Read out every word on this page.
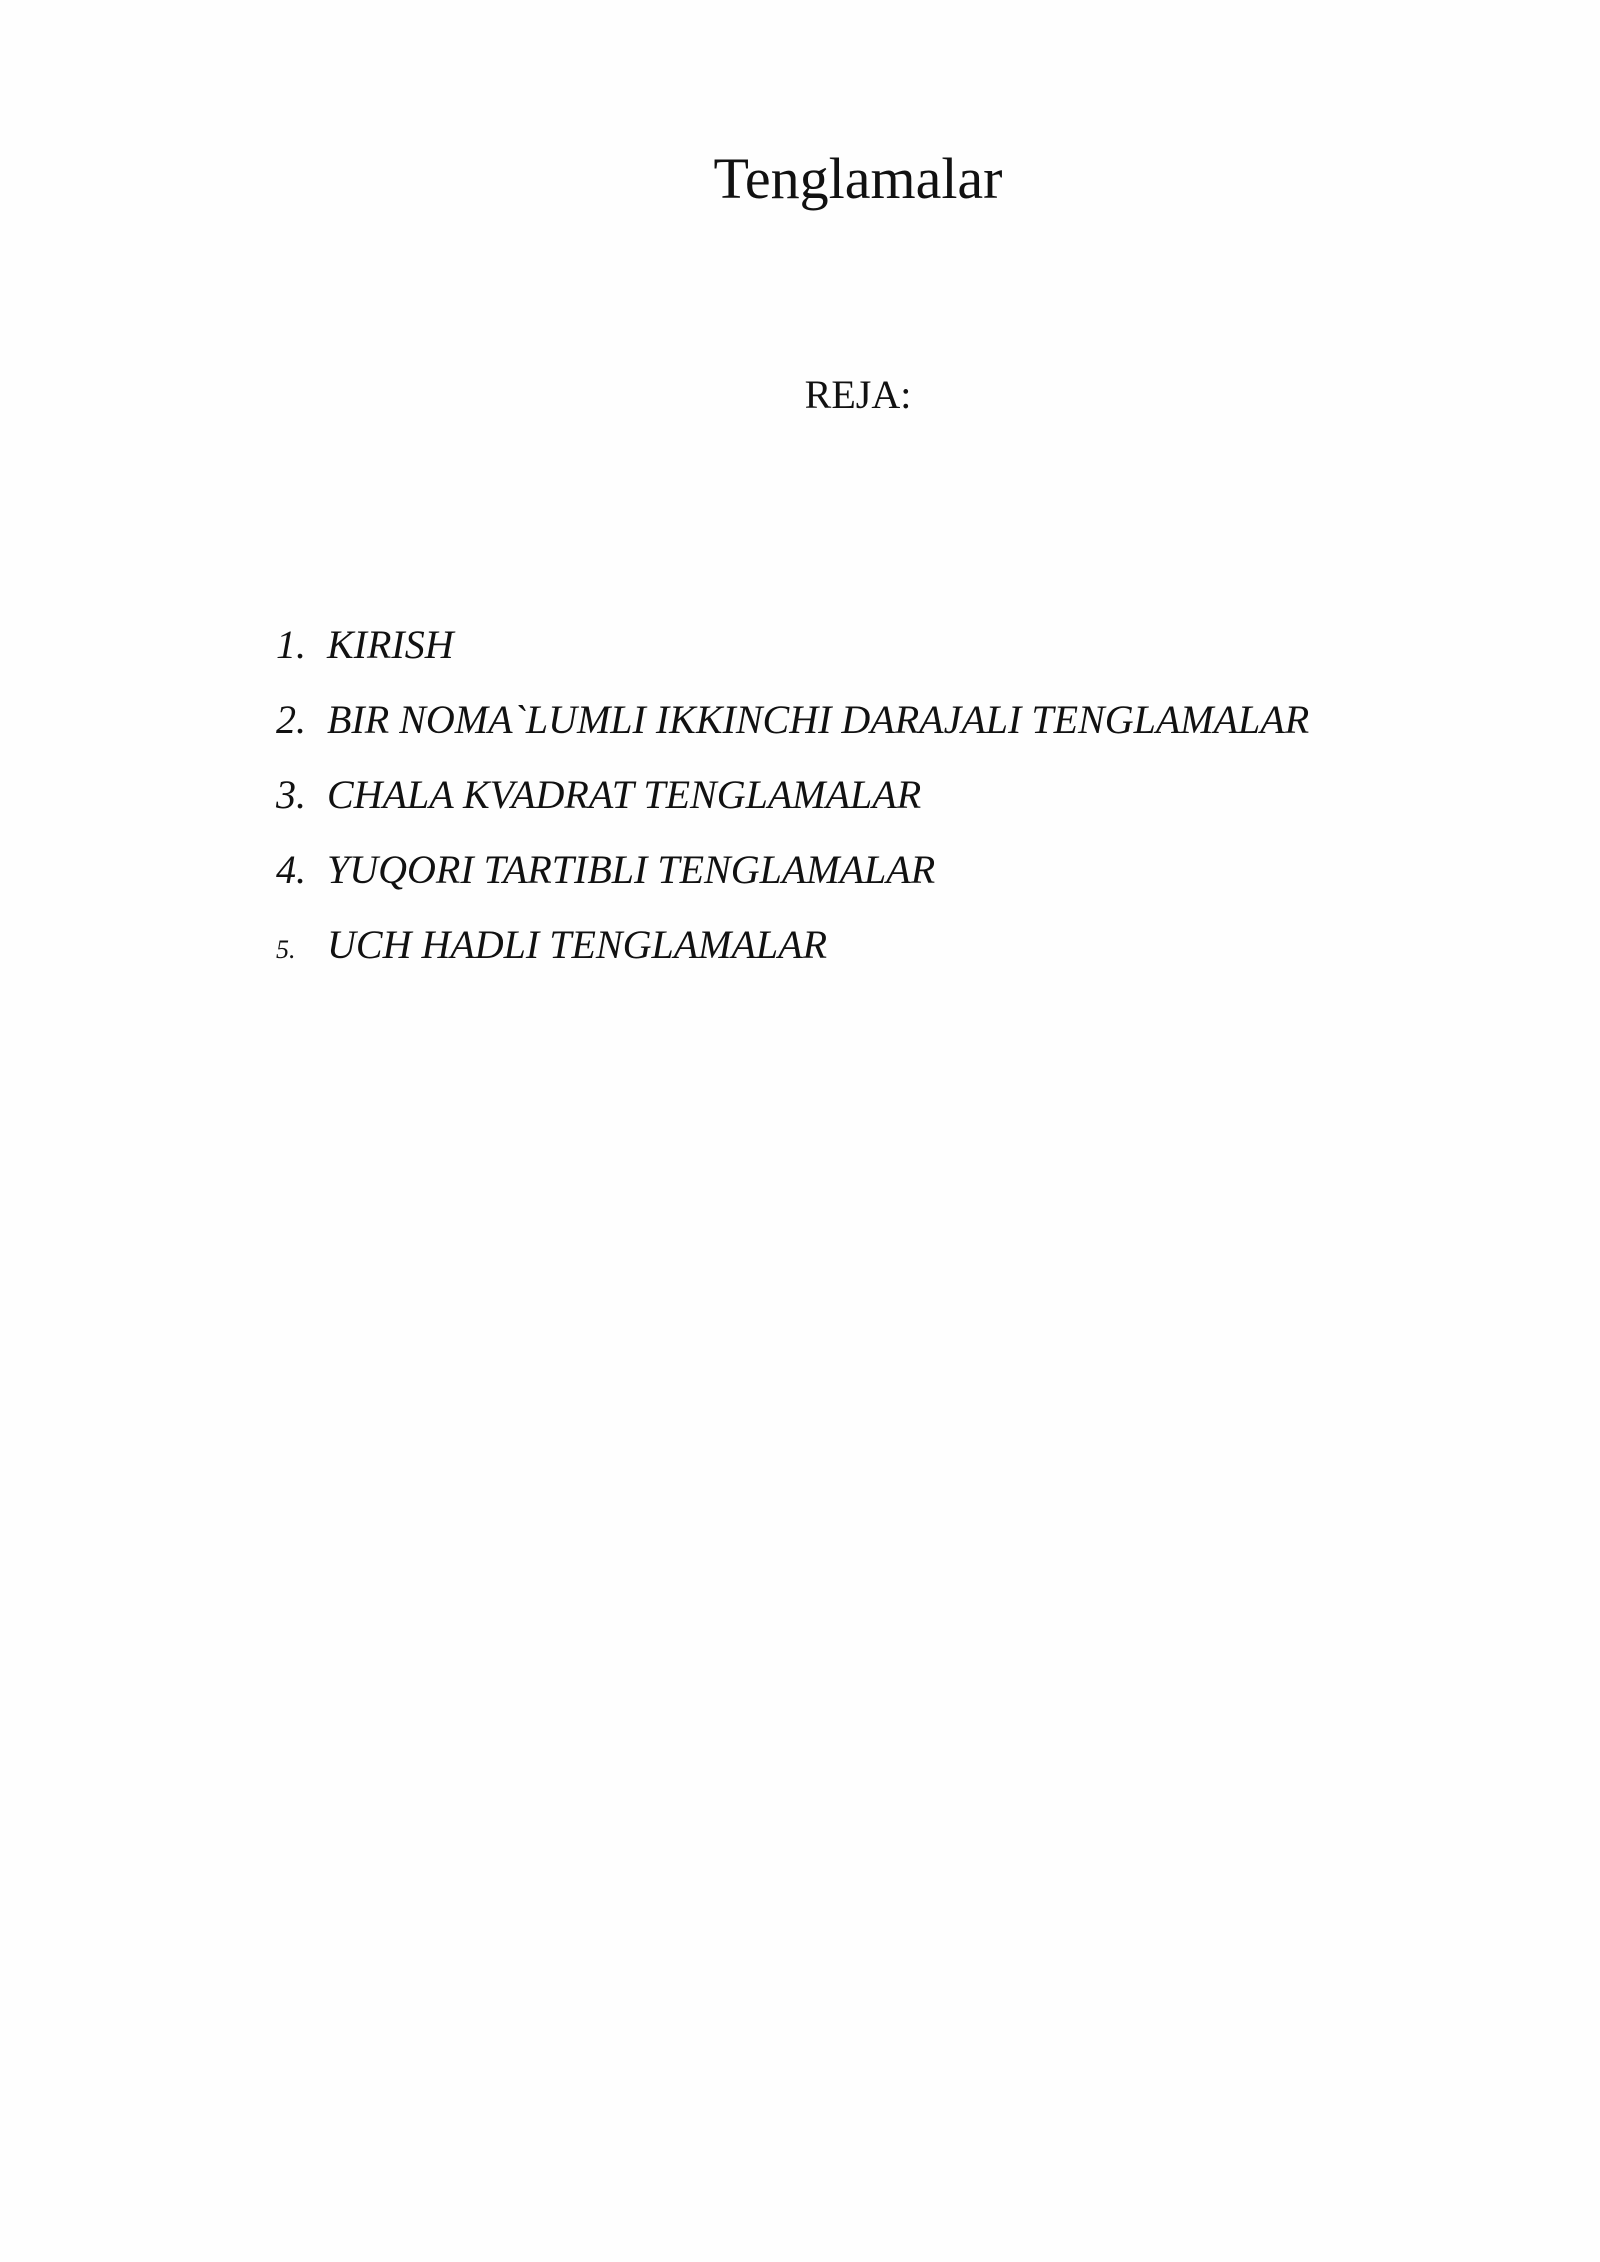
Tenglamalar

REJA:

1. KIRISH
2. BIR NOMA`LUMLI IKKINCHI DARAJALI TENGLAMALAR
3. CHALA KVADRAT TENGLAMALAR
4. YUQORI TARTIBLI TENGLAMALAR
5. UCH HADLI TENGLAMALAR
